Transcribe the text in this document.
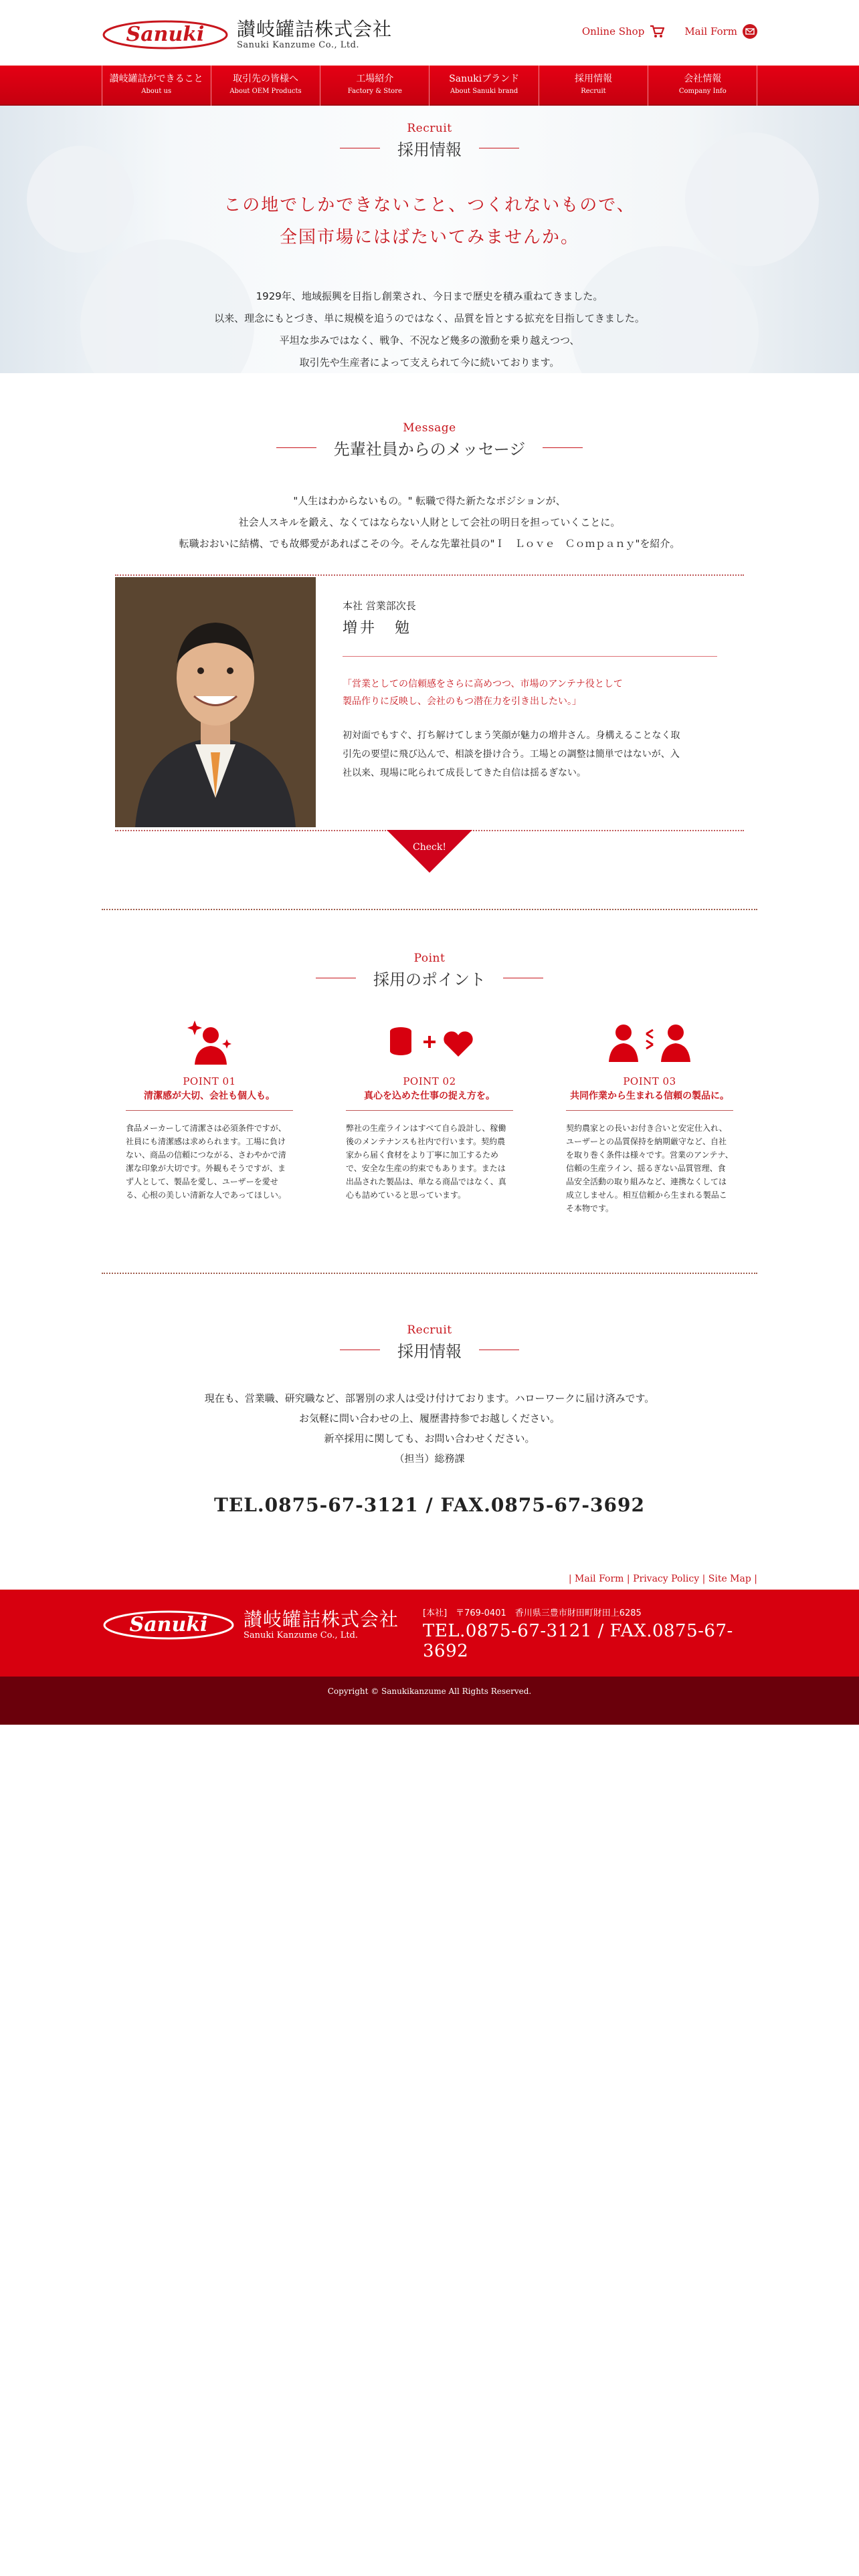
Sanuki 讃岐罐詰株式会社
Sanuki Kanzume Co., Ltd.
Online Shop	Mail Form
讃岐罐詰ができること
About us
取引先の皆様へ
About OEM Products
工場紹介
Factory & Store
Sanukiブランド
About Sanuki brand
採用情報
Recruit
会社情報
Company Info
Recruit
採用情報
この地でしかできないこと、つくれないもので、
全国市場にはばたいてみませんか。
1929年、地域振興を目指し創業され、今日まで歴史を積み重ねてきました。
以来、理念にもとづき、単に規模を追うのではなく、品質を旨とする拡充を目指してきました。
平坦な歩みではなく、戦争、不況など幾多の激動を乗り越えつつ、
取引先や生産者によって支えられて今に続いております。
Message
先輩社員からのメッセージ
"人生はわからないもの。" 転職で得た新たなポジションが、
社会人スキルを鍛え、なくてはならない人財として会社の明日を担っていくことに。
転職おおいに結構、でも故郷愛があればこその今。そんな先輩社員の"Ｉ　Ｌｏｖｅ　Ｃｏｍｐａｎｙ"を紹介。
本社 営業部次長
増井　勉
「営業としての信頼感をさらに高めつつ、市場のアンテナ役として
製品作りに反映し、会社のもつ潜在力を引き出したい。」
初対面でもすぐ、打ち解けてしまう笑顔が魅力の増井さん。身構えることなく取
引先の要望に飛び込んで、相談を掛け合う。工場との調整は簡単ではないが、入
社以来、現場に叱られて成長してきた自信は揺るぎない。
Check!
Point
採用のポイント
POINT 01
清潔感が大切、会社も個人も。
食品メーカーして清潔さは必須条件ですが、社員にも清潔感は求められます。工場に負けない、商品の信頼につながる、さわやかで清潔な印象が大切です。外観もそうですが、まず人として、製品を愛し、ユーザーを愛せる、心根の美しい清新な人であってほしい。
POINT 02
真心を込めた仕事の捉え方を。
弊社の生産ラインはすべて自ら設計し、稼働後のメンテナンスも社内で行います。契約農家から届く食材をより丁寧に加工するためで、安全な生産の約束でもあります。または出品された製品は、単なる商品ではなく、真心も詰めていると思っています。
POINT 03
共同作業から生まれる信頼の製品に。
契約農家との長いお付き合いと安定仕入れ、ユーザーとの品質保持を納期厳守など、自社を取り巻く条件は様々です。営業のアンテナ、信頼の生産ライン、揺るぎない品質管理、食品安全活動の取り組みなど、連携なくしては成立しません。相互信頼から生まれる製品こそ本物です。
Recruit
採用情報
現在も、営業職、研究職など、部署別の求人は受け付けております。ハローワークに届け済みです。
お気軽に問い合わせの上、履歴書持参でお越しください。
新卒採用に関しても、お問い合わせください。
（担当）総務課
TEL.0875-67-3121 / FAX.0875-67-3692
| Mail Form | Privacy Policy | Site Map |
Sanuki 讃岐罐詰株式会社
Sanuki Kanzume Co., Ltd.
[本社]　〒769-0401　香川県三豊市財田町財田上6285
TEL.0875-67-3121 / FAX.0875-67-3692
Copyright © Sanukikanzume All Rights Reserved.
